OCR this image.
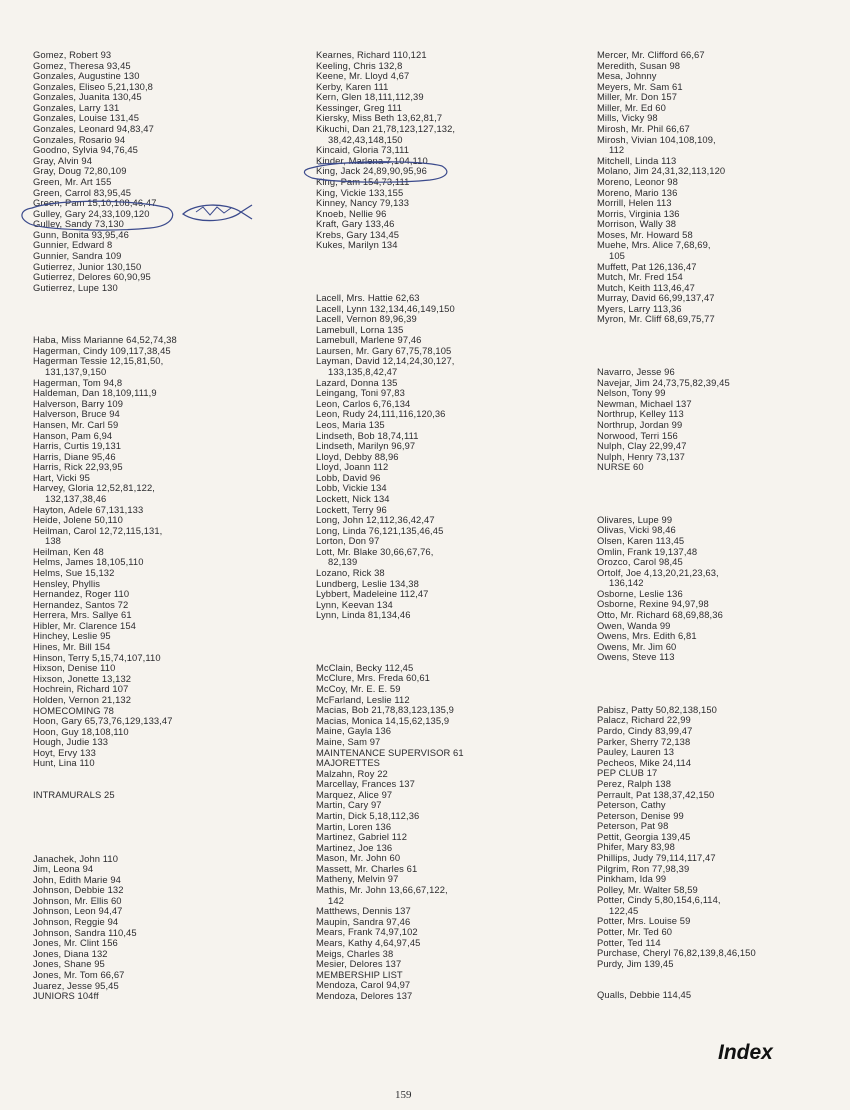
Gomez, Robert 93
Gomez, Theresa 93,45
Gonzales, Augustine 130
Gonzales, Eliseo 5,21,130,8
Gonzales, Juanita 130,45
Gonzales, Larry 131
Gonzales, Louise 131,45
Gonzales, Leonard 94,83,47
Gonzales, Rosario 94
Goodno, Sylvia 94,76,45
Gray, Alvin 94
Gray, Doug 72,80,109
Green, Mr. Art 155
Green, Carrol 83,95,45
Green, Pam 15,10,108,46,47
Gulley, Gary 24,33,109,120
Gulley, Sandy 73,130
Gunn, Bonita 93,95,46
Gunnier, Edward 8
Gunnier, Sandra 109
Gutierrez, Junior 130,150
Gutierrez, Delores 60,90,95
Gutierrez, Lupe 130
Haba, Miss Marianne 64,52,74,38
Hagerman, Cindy 109,117,38,45
Hagerman Tessie 12,15,81,50,
131,137,9,150
Hagerman, Tom 94,8
Haldeman, Dan 18,109,111,9
Halverson, Barry 109
Halverson, Bruce 94
Hansen, Mr. Carl 59
Hanson, Pam 6,94
Harris, Curtis 19,131
Harris, Diane 95,46
Harris, Rick 22,93,95
Hart, Vicki 95
Harvey, Gloria 12,52,81,122,
132,137,38,46
Hayton, Adele 67,131,133
Heide, Jolene 50,110
Heilman, Carol 12,72,115,131,
138
Heilman, Ken 48
Helms, James 18,105,110
Helms, Sue 15,132
Hensley, Phyllis
Hernandez, Roger 110
Hernandez, Santos 72
Herrera, Mrs. Sallye 61
Hibler, Mr. Clarence 154
Hinchey, Leslie 95
Hines, Mr. Bill 154
Hinson, Terry 5,15,74,107,110
Hixson, Denise 110
Hixson, Jonette 13,132
Hochrein, Richard 107
Holden, Vernon 21,132
HOMECOMING 78
Hoon, Gary 65,73,76,129,133,47
Hoon, Guy 18,108,110
Hough, Judie 133
Hoyt, Ervy 133
Hunt, Lina 110
INTRAMURALS 25
Janachek, John 110
Jim, Leona 94
John, Edith Marie 94
Johnson, Debbie 132
Johnson, Mr. Ellis 60
Johnson, Leon 94,47
Johnson, Reggie 94
Johnson, Sandra 110,45
Jones, Mr. Clint 156
Jones, Diana 132
Jones, Shane 95
Jones, Mr. Tom 66,67
Juarez, Jesse 95,45
JUNIORS 104ff
Kearnes, Richard 110,121
Keeling, Chris 132,8
Keene, Mr. Lloyd 4,67
Kerby, Karen 111
Kern, Glen 18,111,112,39
Kessinger, Greg 111
Kiersky, Miss Beth 13,62,81,7
Kikuchi, Dan 21,78,123,127,132,
38,42,43,148,150
Kincaid, Gloria 73,111
Kinder, Marlena 7,104,110
King, Jack 24,89,90,95,96
King, Pam 154,73,111
King, Vickie 133,155
Kinney, Nancy 79,133
Knoeb, Nellie 96
Kraft, Gary 133,46
Krebs, Gary 134,45
Kukes, Marilyn 134
Lacell, Mrs. Hattie 62,63
Lacell, Lynn 132,134,46,149,150
Lacell, Vernon 89,96,39
Lamebull, Lorna 135
Lamebull, Marlene 97,46
Laursen, Mr. Gary 67,75,78,105
Layman, David 12,14,24,30,127,
133,135,8,42,47
Lazard, Donna 135
Leingang, Toni 97,83
Leon, Carlos 6,76,134
Leon, Rudy 24,111,116,120,36
Leos, Maria 135
Lindseth, Bob 18,74,111
Lindseth, Marilyn 96,97
Lloyd, Debby 88,96
Lloyd, Joann 112
Lobb, David 96
Lobb, Vickie 134
Lockett, Nick 134
Lockett, Terry 96
Long, John 12,112,36,42,47
Long, Linda 76,121,135,46,45
Lorton, Don 97
Lott, Mr. Blake 30,66,67,76,
82,139
Lozano, Rick 38
Lundberg, Leslie 134,38
Lybbert, Madeleine 112,47
Lynn, Keevan 134
Lynn, Linda 81,134,46
McClain, Becky 112,45
McClure, Mrs. Freda 60,61
McCoy, Mr. E. E. 59
McFarland, Leslie 112
Macias, Bob 21,78,83,123,135,9
Macias, Monica 14,15,62,135,9
Maine, Gayla 136
Maine, Sam 97
MAINTENANCE SUPERVISOR 61
MAJORETTES
Malzahn, Roy 22
Marcellay, Frances 137
Marquez, Alice 97
Martin, Cary 97
Martin, Dick 5,18,112,36
Martin, Loren 136
Martinez, Gabriel 112
Martinez, Joe 136
Mason, Mr. John 60
Massett, Mr. Charles 61
Matheny, Melvin 97
Mathis, Mr. John 13,66,67,122,
142
Matthews, Dennis 137
Maupin, Sandra 97,46
Mears, Frank 74,97,102
Mears, Kathy 4,64,97,45
Meigs, Charles 38
Mesier, Delores 137
MEMBERSHIP LIST
Mendoza, Carol 94,97
Mendoza, Delores 137
Mercer, Mr. Clifford 66,67
Meredith, Susan 98
Mesa, Johnny
Meyers, Mr. Sam 61
Miller, Mr. Don 157
Miller, Mr. Ed 60
Mills, Vicky 98
Mirosh, Mr. Phil 66,67
Mirosh, Vivian 104,108,109,
112
Mitchell, Linda 113
Molano, Jim 24,31,32,113,120
Moreno, Leonor 98
Moreno, Mario 136
Morrill, Helen 113
Morris, Virginia 136
Morrison, Wally 38
Moses, Mr. Howard 58
Muehe, Mrs. Alice 7,68,69,
105
Muffett, Pat 126,136,47
Mutch, Mr. Fred 154
Mutch, Keith 113,46,47
Murray, David 66,99,137,47
Myers, Larry 113,36
Myron, Mr. Cliff 68,69,75,77
Navarro, Jesse 96
Navejar, Jim 24,73,75,82,39,45
Nelson, Tony 99
Newman, Michael 137
Northrup, Kelley 113
Northrup, Jordan 99
Norwood, Terri 156
Nulph, Clay 22,99,47
Nulph, Henry 73,137
NURSE 60
Olivares, Lupe 99
Olivas, Vicki 98,46
Olsen, Karen 113,45
Omlin, Frank 19,137,48
Orozco, Carol 98,45
Ortolf, Joe 4,13,20,21,23,63,
136,142
Osborne, Leslie 136
Osborne, Rexine 94,97,98
Otto, Mr. Richard 68,69,88,36
Owen, Wanda 99
Owens, Mrs. Edith 6,81
Owens, Mr. Jim 60
Owens, Steve 113
Pabisz, Patty 50,82,138,150
Palacz, Richard 22,99
Pardo, Cindy 83,99,47
Parker, Sherry 72,138
Pauley, Lauren 13
Pecheos, Mike 24,114
PEP CLUB 17
Perez, Ralph 138
Perrault, Pat 138,37,42,150
Peterson, Cathy
Peterson, Denise 99
Peterson, Pat 98
Pettit, Georgia 139,45
Phifer, Mary 83,98
Phillips, Judy 79,114,117,47
Pilgrim, Ron 77,98,39
Pinkham, Ida 99
Polley, Mr. Walter 58,59
Potter, Cindy 5,80,154,6,114,
122,45
Potter, Mrs. Louise 59
Potter, Mr. Ted 60
Potter, Ted 114
Purchase, Cheryl 76,82,139,8,46,150
Purdy, Jim 139,45
Qualls, Debbie 114,45
159
Index
